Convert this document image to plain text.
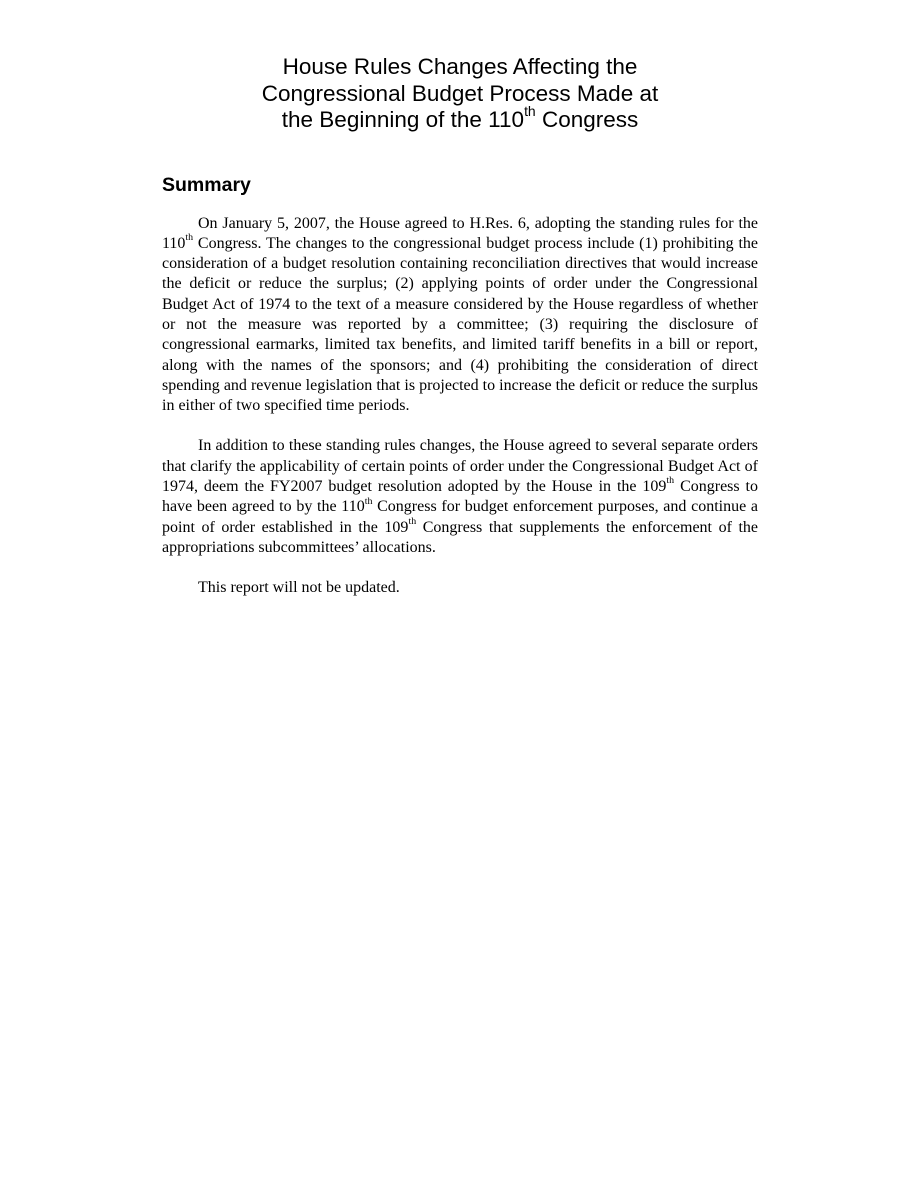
House Rules Changes Affecting the
Congressional Budget Process Made at
the Beginning of the 110th Congress
Summary

On January 5, 2007, the House agreed to H.Res. 6, adopting the standing rules for the 110th Congress. The changes to the congressional budget process include (1) prohibiting the consideration of a budget resolution containing reconciliation directives that would increase the deficit or reduce the surplus; (2) applying points of order under the Congressional Budget Act of 1974 to the text of a measure considered by the House regardless of whether or not the measure was reported by a committee; (3) requiring the disclosure of congressional earmarks, limited tax benefits, and limited tariff benefits in a bill or report, along with the names of the sponsors; and (4) prohibiting the consideration of direct spending and revenue legislation that is projected to increase the deficit or reduce the surplus in either of two specified time periods.

In addition to these standing rules changes, the House agreed to several separate orders that clarify the applicability of certain points of order under the Congressional Budget Act of 1974, deem the FY2007 budget resolution adopted by the House in the 109th Congress to have been agreed to by the 110th Congress for budget enforcement purposes, and continue a point of order established in the 109th Congress that supplements the enforcement of the appropriations subcommittees’ allocations.

This report will not be updated.
